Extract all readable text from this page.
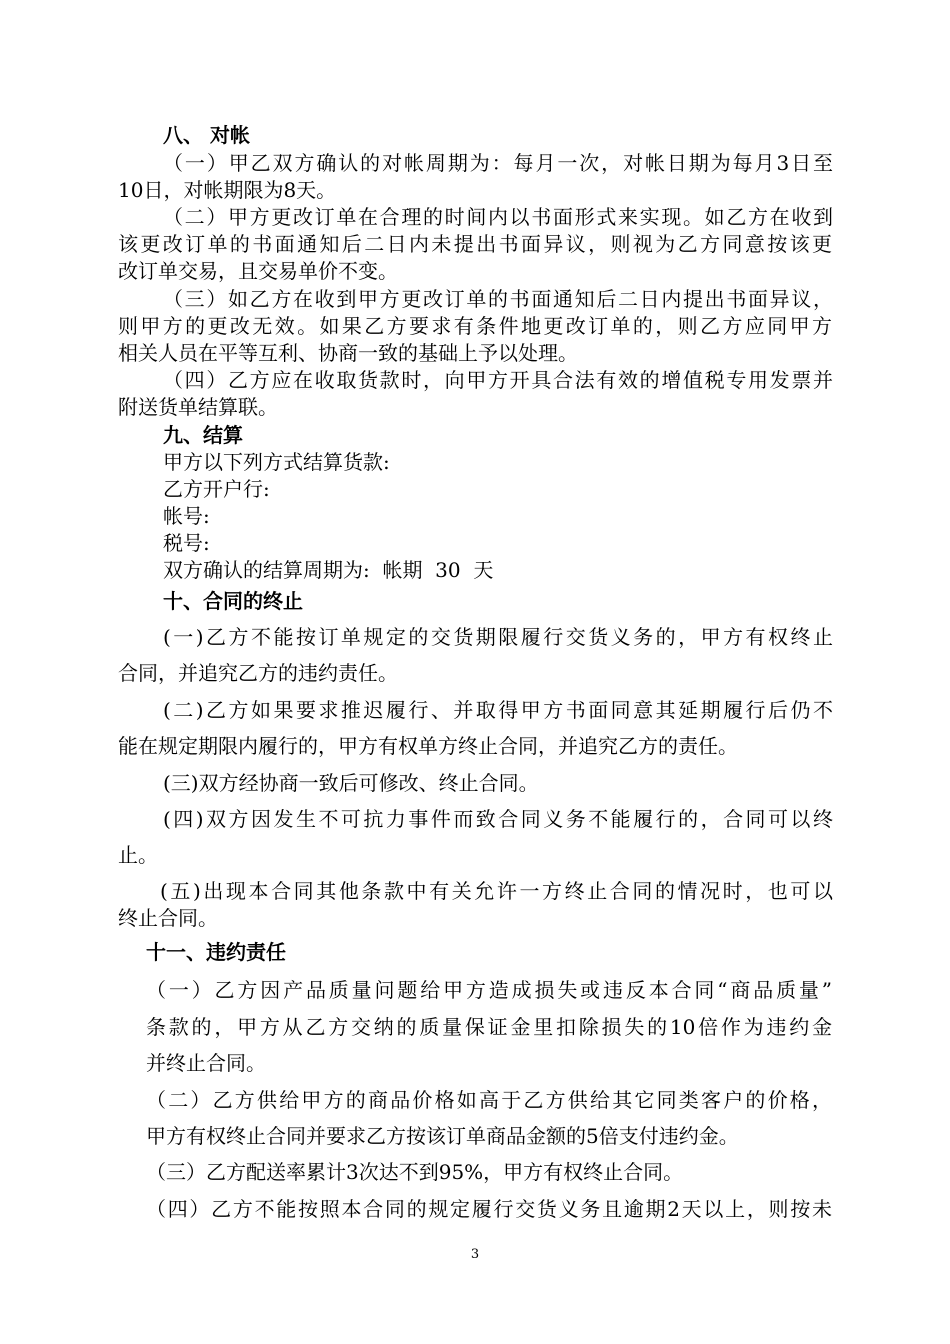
八、 对帐
（一）甲乙双方确认的对帐周期为：每月一次，对帐日期为每月3日至
10日，对帐期限为8天。
（二）甲方更改订单在合理的时间内以书面形式来实现。如乙方在收到
该更改订单的书面通知后二日内未提出书面异议，则视为乙方同意按该更
改订单交易，且交易单价不变。
（三）如乙方在收到甲方更改订单的书面通知后二日内提出书面异议，
则甲方的更改无效。如果乙方要求有条件地更改订单的，则乙方应同甲方
相关人员在平等互利、协商一致的基础上予以处理。
（四）乙方应在收取货款时，向甲方开具合法有效的增值税专用发票并
附送货单结算联。
九、结算
甲方以下列方式结算货款:
乙方开户行:
帐号:
税号:
双方确认的结算周期为:  帐期  30  天
十、合同的终止
(一)乙方不能按订单规定的交货期限履行交货义务的，甲方有权终止
合同，并追究乙方的违约责任。
(二)乙方如果要求推迟履行、并取得甲方书面同意其延期履行后仍不
能在规定期限内履行的，甲方有权单方终止合同，并追究乙方的责任。
(三)双方经协商一致后可修改、终止合同。
(四)双方因发生不可抗力事件而致合同义务不能履行的，合同可以终
止。
(五)出现本合同其他条款中有关允许一方终止合同的情况时，也可以
终止合同。
十一、违约责任
（一）乙方因产品质量问题给甲方造成损失或违反本合同“商品质量”
条款的，甲方从乙方交纳的质量保证金里扣除损失的10倍作为违约金
并终止合同。
（二）乙方供给甲方的商品价格如高于乙方供给其它同类客户的价格，
甲方有权终止合同并要求乙方按该订单商品金额的5倍支付违约金。
（三）乙方配送率累计3次达不到95%，甲方有权终止合同。
（四）乙方不能按照本合同的规定履行交货义务且逾期2天以上，则按未
3
